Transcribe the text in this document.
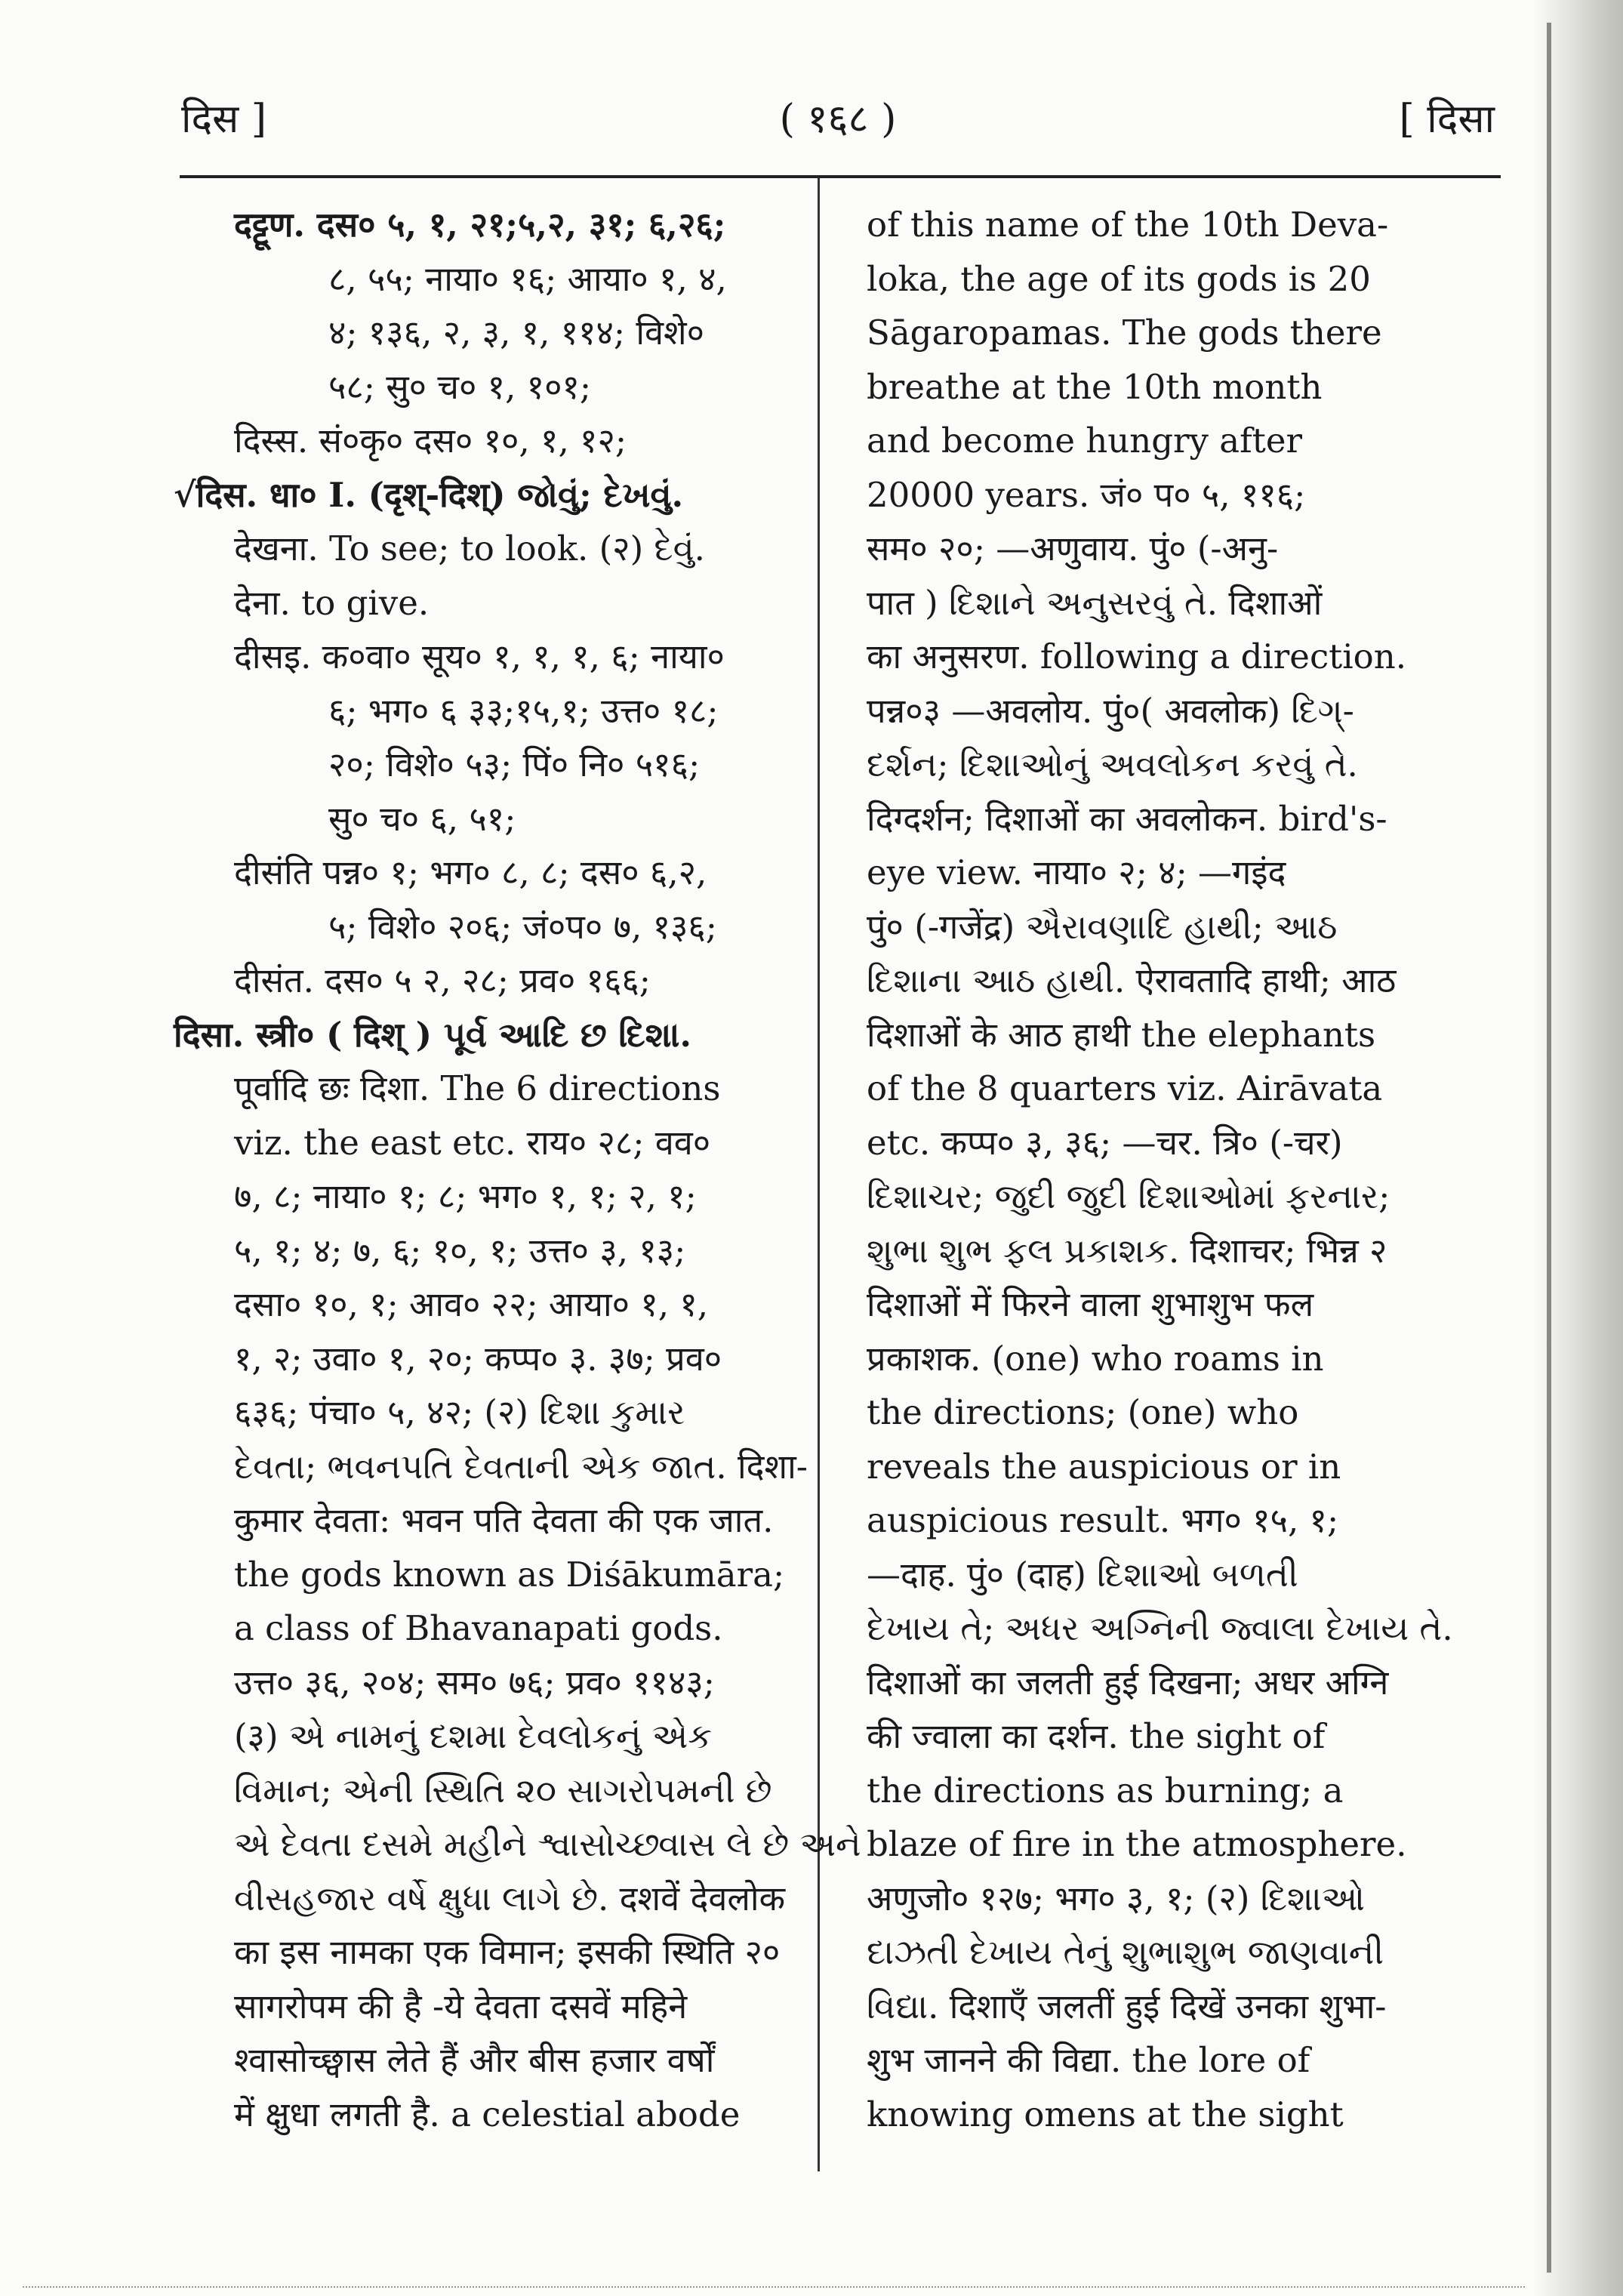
दिस ]	( १६८ )	[ दिसा
दट्टूण. दस० ५, १, २१;५,२, ३१; ६,२६;
८, ५५; नाया० १६; आया० १, ४,
४; १३६, २, ३, १, ११४; विशे०
५८; सु० च० १, १०१;
दिस्स. सं०कृ० दस० १०, १, १२;
√दिस. धा० I. (दृश्-दिश्) જોવું; દેખવું.
देखना. To see; to look. (२) દેવું.
देना. to give.
दीसइ. क०वा० सूय० १, १, १, ६; नाया०
६; भग० ६ ३३;१५,१; उत्त० १८;
२०; विशे० ५३; पिं० नि० ५१६;
सु० च० ६, ५१;
दीसंति पन्न० १; भग० ८, ८; दस० ६,२,
५; विशे० २०६; जं०प० ७, १३६;
दीसंत. दस० ५ २, २८; प्रव० १६६;
दिसा. स्त्री० ( दिश् ) પૂર્વ આદિ છ દિશા.
पूर्वादि छः दिशा. The 6 directions
viz. the east etc. राय० २८; वव०
७, ८; नाया० १; ८; भग० १, १; २, १;
५, १; ४; ७, ६; १०, १; उत्त० ३, १३;
दसा० १०, १; आव० २२; आया० १, १,
१, २; उवा० १, २०; कप्प० ३. ३७; प्रव०
६३६; पंचा० ५, ४२; (२) દિશા કુમાર
દેવતા; ભવનપતિ દેવતાની એક જાત. दिशा-
कुमार देवता: भवन पति देवता की एक जात.
the gods known as Diśākumāra;
a class of Bhavanapati gods.
उत्त० ३६, २०४; सम० ७६; प्रव० ११४३;
(३) એ નામનું દશમા દેવલોકનું એક
વિમાન; એની સ્થિતિ ૨૦ સાગરોપમની છે
એ દેવતા દસમે મહીને શ્વાસોચ્છ્વાસ લે છે અને
વીસહજાર વર્ષે ક્ષુધા લાગે છે. दशवें देवलोक
का इस नामका एक विमान; इसकी स्थिति २०
सागरोपम की है -ये देवता दसवें महिने
श्वासोच्छ्वास लेते हैं और बीस हजार वर्षों
में क्षुधा लगती है. a celestial abode
of this name of the 10th Deva-
loka, the age of its gods is 20
Sāgaropamas. The gods there
breathe at the 10th month
and become hungry after
20000 years. जं० प० ५, ११६;
सम० २०; —अणुवाय. पुं० (-अनु-
पात ) દિશાને અનુસરવું તે. दिशाओं
का अनुसरण. following a direction.
पन्न०३ —अवलोय. पुं०( अवलोक) દિગ્-
દર્શન; દિશાઓનું અવલોકન કરવું તે.
दिग्दर्शन; दिशाओं का अवलोकन. bird's-
eye view. नाया० २; ४; —गइंद
पुं० (-गजेंद्र) ઐરાવણાદિ હાથી; આઠ
દિશાના આઠ હાથી. ऐरावतादि हाथी; आठ
दिशाओं के आठ हाथी the elephants
of the 8 quarters viz. Airāvata
etc. कप्प० ३, ३६; —चर. त्रि० (-चर)
દિશાચર; જુદી જુદી દિશાઓમાં ફરનાર;
શુભા શુભ ફલ પ્રકાશક. दिशाचर; भिन्न २
दिशाओं में फिरने वाला शुभाशुभ फल
प्रकाशक. (one) who roams in
the directions; (one) who
reveals the auspicious or in
auspicious result. भग० १५, १;
—दाह. पुं० (दाह) દિશાઓ બળતી
દેખાય તે; અધર અગ્નિની જ્વાલા દેખાય તે.
दिशाओं का जलती हुई दिखना; अधर अग्नि
की ज्वाला का दर्शन. the sight of
the directions as burning; a
blaze of fire in the atmosphere.
अणुजो० १२७; भग० ३, १; (२) દિશાઓ
દાઝતી દેખાય તેનું શુભાશુભ જાણવાની
વિદ્યા. दिशाएँ जलतीं हुई दिखें उनका शुभा-
शुभ जानने की विद्या. the lore of
knowing omens at the sight
